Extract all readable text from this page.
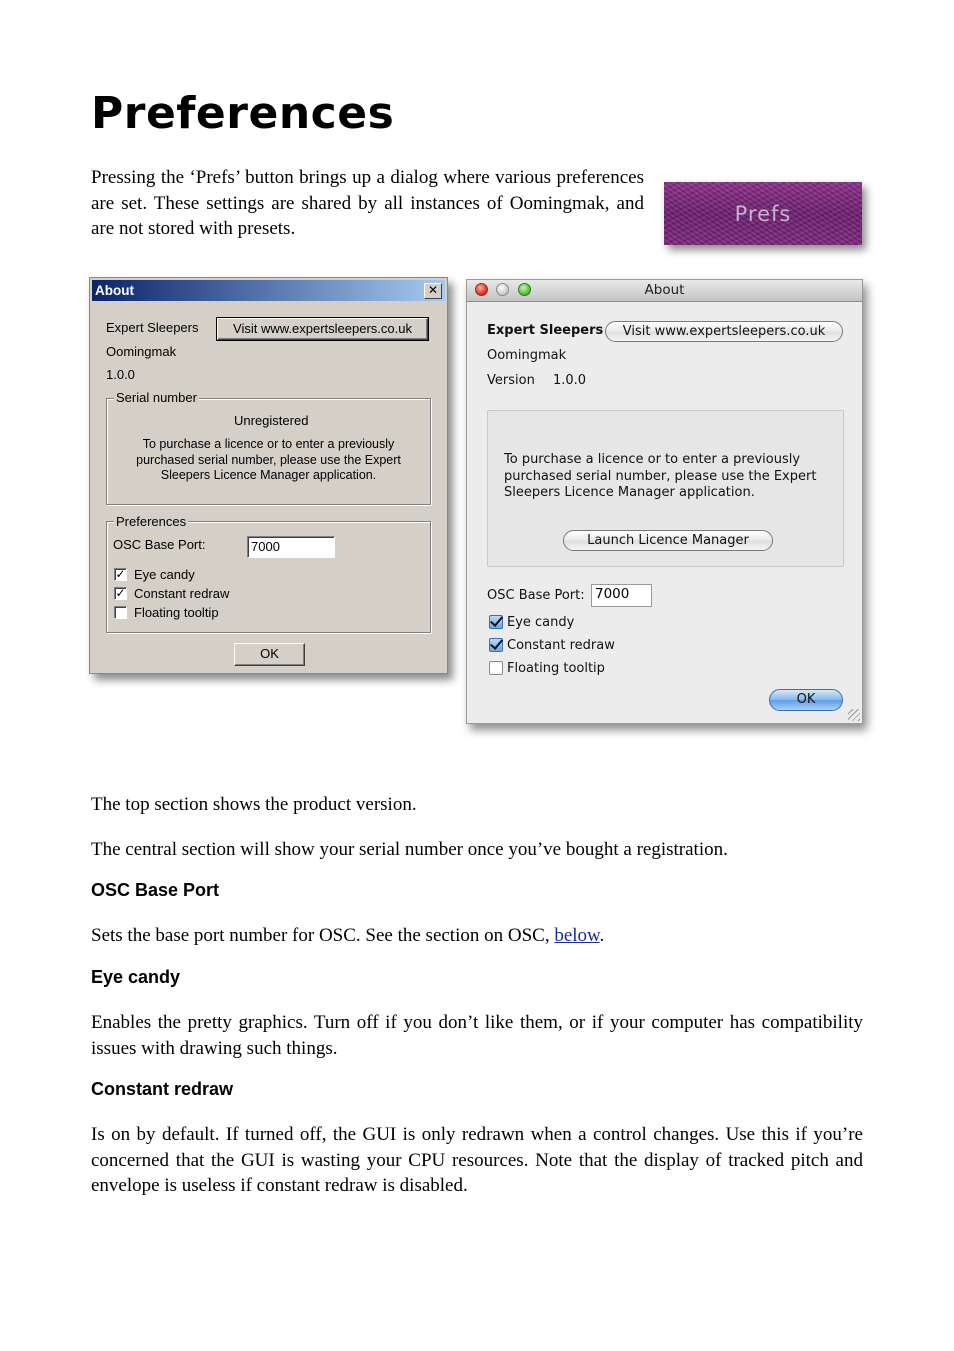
Preferences
Pressing the ‘Prefs’ button brings up a dialog where various preferences are set. These settings are shared by all instances of Oomingmak, and are not stored with presets.
Prefs
About	✕
Expert Sleepers	Visit www.expertsleepers.co.uk
Oomingmak
1.0.0
Serial number
Unregistered
To purchase a licence or to enter a previously
purchased serial number, please use the Expert
Sleepers Licence Manager application.
Preferences
OSC Base Port:	7000
✓ Eye candy
✓ Constant redraw
Floating tooltip
OK
About
Expert Sleepers	Visit www.expertsleepers.co.uk
Oomingmak
Version 1.0.0
To purchase a licence or to enter a previously
purchased serial number, please use the Expert
Sleepers Licence Manager application.
Launch Licence Manager
OSC Base Port: 7000
Eye candy
Constant redraw
Floating tooltip
OK
The top section shows the product version.
The central section will show your serial number once you’ve bought a registration.
OSC Base Port
Sets the base port number for OSC. See the section on OSC, below.
Eye candy
Enables the pretty graphics. Turn off if you don’t like them, or if your computer has compatibility issues with drawing such things.
Constant redraw
Is on by default. If turned off, the GUI is only redrawn when a control changes. Use this if you’re concerned that the GUI is wasting your CPU resources. Note that the display of tracked pitch and envelope is useless if constant redraw is disabled.
